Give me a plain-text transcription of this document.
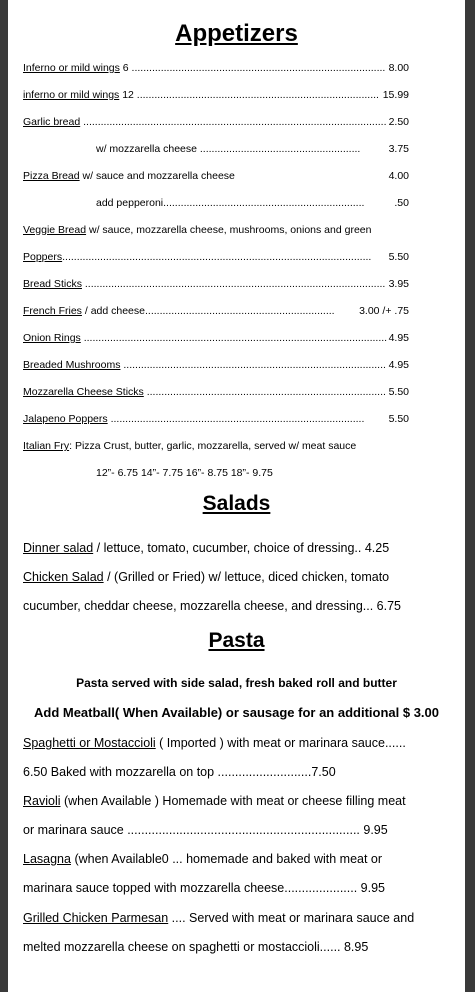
Appetizers
Inferno or mild wings 6 ....................................................................................... 8.00
inferno or mild wings 12 ................................................................................... 15.99
Garlic bread ........................................................................................................ 2.50
w/ mozzarella cheese .......................................................	3.75
Pizza Bread w/ sauce and mozzarella cheese	4.00
add pepperoni.....................................................................	.50
Veggie Bread w/ sauce, mozzarella cheese, mushrooms, onions and green
Poppers.......................................................................................................... 5.50
Bread Sticks ....................................................................................................... 3.95
French Fries / add cheese................................................................. 3.00 /+ .75
Onion Rings ........................................................................................................ 4.95
Breaded Mushrooms .......................................................................................... 4.95
Mozzarella Cheese Sticks .................................................................................. 5.50
Jalapeno Poppers ....................................................................................... 5.50
Italian Fry: Pizza Crust, butter, garlic, mozzarella, served w/ meat sauce
12”- 6.75 14”- 7.75 16”- 8.75 18”- 9.75
Salads
Dinner salad / lettuce, tomato, cucumber, choice of dressing.. 4.25
Chicken Salad / (Grilled or Fried) w/ lettuce, diced chicken, tomato
cucumber, cheddar cheese, mozzarella cheese, and dressing... 6.75
Pasta
Pasta served with side salad, fresh baked roll and butter
Add Meatball( When Available) or sausage for an additional $ 3.00
Spaghetti or Mostaccioli ( Imported ) with meat or marinara sauce......
6.50 Baked with mozzarella on top ...........................7.50
Ravioli (when Available ) Homemade with meat or cheese filling meat
or marinara sauce ................................................................... 9.95
Lasagna (when Available0 ... homemade and baked with meat or
marinara sauce topped with mozzarella cheese..................... 9.95
Grilled Chicken Parmesan .... Served with meat or marinara sauce and
melted mozzarella cheese on spaghetti or mostaccioli...... 8.95
